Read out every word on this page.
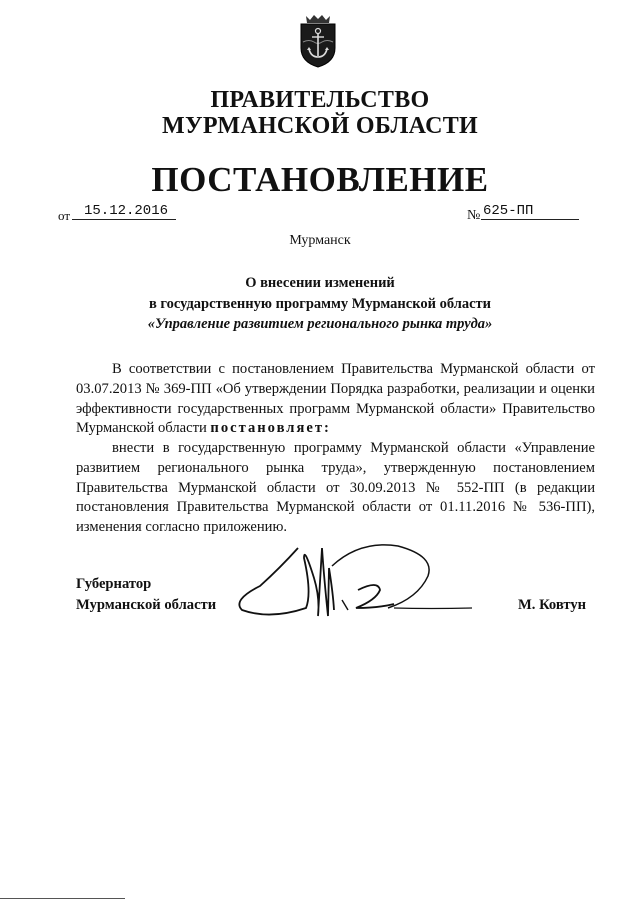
ПРАВИТЕЛЬСТВО
МУРМАНСКОЙ ОБЛАСТИ
ПОСТАНОВЛЕНИЕ
от 15.12.2016	№ 625-ПП
Мурманск
О внесении изменений
в государственную программу Мурманской области
«Управление развитием регионального рынка труда»
В соответствии с постановлением Правительства Мурманской области от 03.07.2013 № 369-ПП «Об утверждении Порядка разработки, реализации и оценки эффективности государственных программ Мурманской области» Правительство Мурманской области постановляет:
внести в государственную программу Мурманской области «Управление развитием регионального рынка труда», утвержденную постановлением Правительства Мурманской области от 30.09.2013 № 552-ПП (в редакции постановления Правительства Мурманской области от 01.11.2016 № 536-ПП), изменения согласно приложению.
Губернатор
Мурманской области	М. Ковтун
